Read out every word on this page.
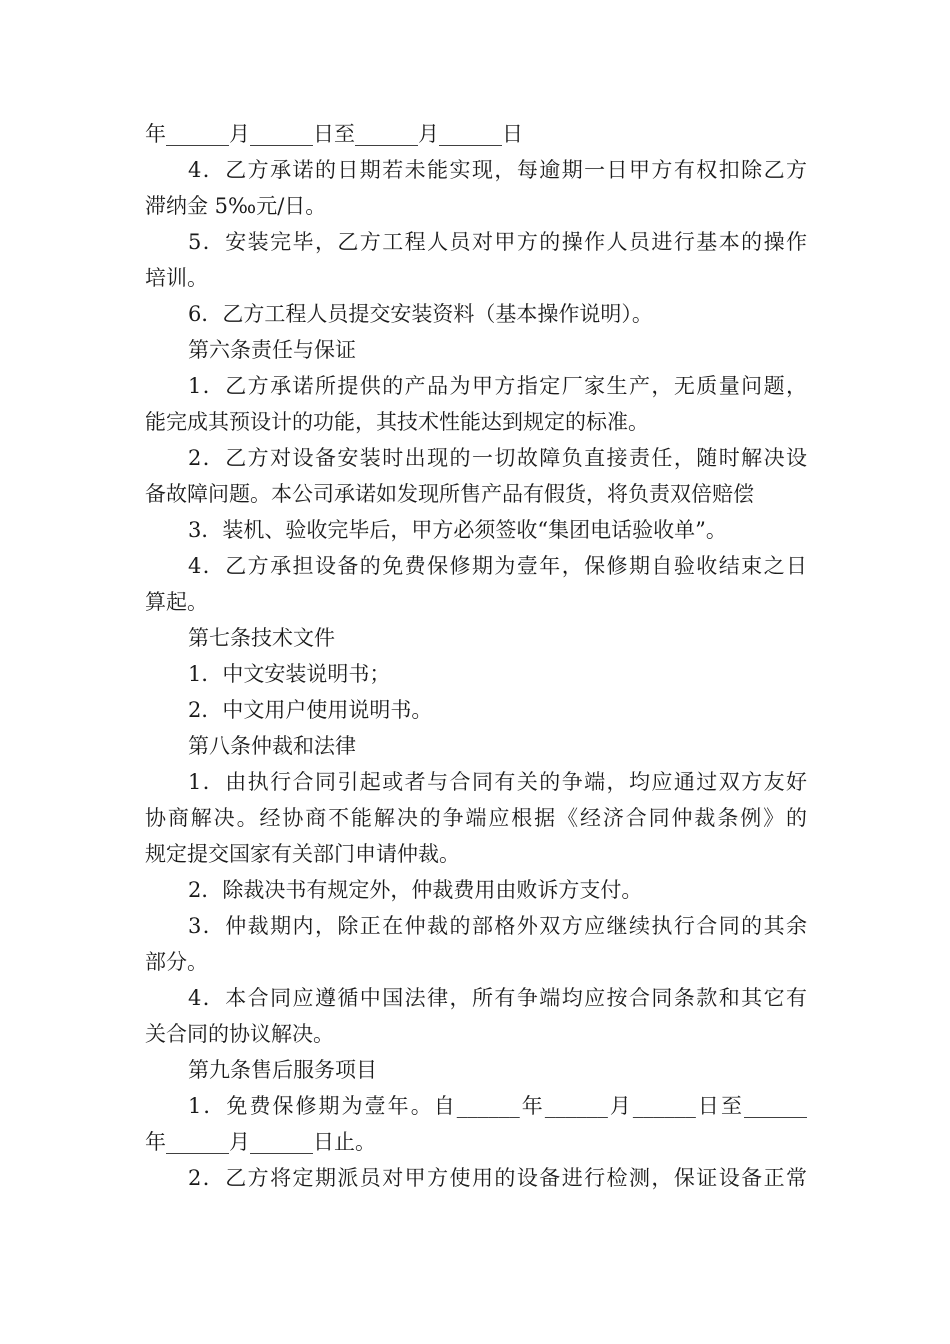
年______月______日至______月______日
4．乙方承诺的日期若未能实现，每逾期一日甲方有权扣除乙方
滞纳金 5‰元/日。
5．安装完毕，乙方工程人员对甲方的操作人员进行基本的操作
培训。
6．乙方工程人员提交安装资料（基本操作说明）。
第六条责任与保证
1．乙方承诺所提供的产品为甲方指定厂家生产，无质量问题，
能完成其预设计的功能，其技术性能达到规定的标准。
2．乙方对设备安装时出现的一切故障负直接责任，随时解决设
备故障问题。本公司承诺如发现所售产品有假货，将负责双倍赔偿
3．装机、验收完毕后，甲方必须签收“集团电话验收单”。
4．乙方承担设备的免费保修期为壹年，保修期自验收结束之日
算起。
第七条技术文件
1．中文安装说明书；
2．中文用户使用说明书。
第八条仲裁和法律
1．由执行合同引起或者与合同有关的争端，均应通过双方友好
协商解决。经协商不能解决的争端应根据《经济合同仲裁条例》的
规定提交国家有关部门申请仲裁。
2．除裁决书有规定外，仲裁费用由败诉方支付。
3．仲裁期内，除正在仲裁的部格外双方应继续执行合同的其余
部分。
4．本合同应遵循中国法律，所有争端均应按合同条款和其它有
关合同的协议解决。
第九条售后服务项目
1．免费保修期为壹年。自______年______月______日至______
年______月______日止。
2．乙方将定期派员对甲方使用的设备进行检测，保证设备正常
